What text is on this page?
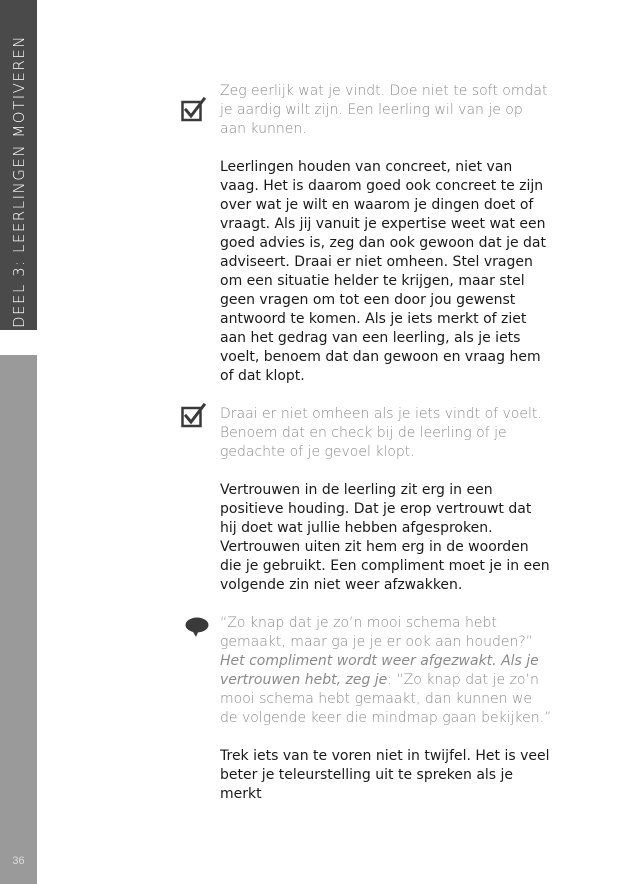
DEEL 3: LEERLINGEN MOTIVEREN
36

Zeg eerlijk wat je vindt. Doe niet te soft omdat je aardig wilt zijn. Een leerling wil van je op aan kunnen.

Leerlingen houden van concreet, niet van vaag. Het is daarom goed ook concreet te zijn over wat je wilt en waarom je dingen doet of vraagt. Als jij vanuit je expertise weet wat een goed advies is, zeg dan ook gewoon dat je dat adviseert. Draai er niet omheen. Stel vragen om een situatie helder te krijgen, maar stel geen vragen om tot een door jou gewenst antwoord te komen. Als je iets merkt of ziet aan het gedrag van een leerling, als je iets voelt, benoem dat dan gewoon en vraag hem of dat klopt.

Draai er niet omheen als je iets vindt of voelt. Benoem dat en check bij de leerling of je gedachte of je gevoel klopt.

Vertrouwen in de leerling zit erg in een positieve houding. Dat je erop vertrouwt dat hij doet wat jullie hebben afgesproken. Vertrouwen uiten zit hem erg in de woorden die je gebruikt. Een compliment moet je in een volgende zin niet weer afzwakken.

“Zo knap dat je zo’n mooi schema hebt gemaakt, maar ga je je er ook aan houden?” Het compliment wordt weer afgezwakt. Als je vertrouwen hebt, zeg je: “Zo knap dat je zo’n mooi schema hebt gemaakt, dan kunnen we de volgende keer die mindmap gaan bekijken.”

Trek iets van te voren niet in twijfel. Het is veel beter je teleurstelling uit te spreken als je merkt
